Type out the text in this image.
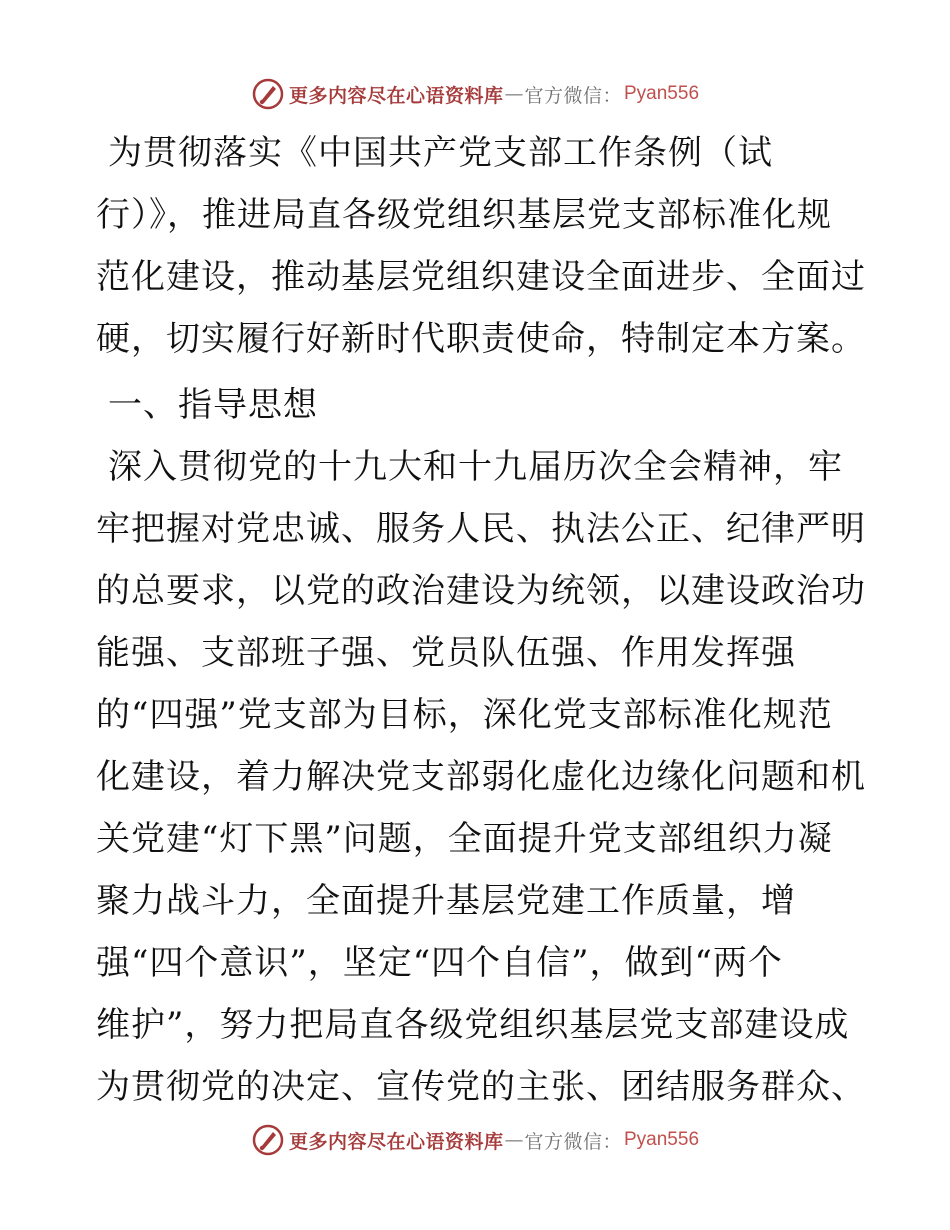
更多内容尽在心语资料库 — 官方微信： Pyan556
为贯彻落实《中国共产党支部工作条例（试
行）》，推进局直各级党组织基层党支部标准化规
范化建设，推动基层党组织建设全面进步、全面过
硬，切实履行好新时代职责使命，特制定本方案。
一、指导思想
深入贯彻党的十九大和十九届历次全会精神，牢
牢把握对党忠诚、服务人民、执法公正、纪律严明
的总要求，以党的政治建设为统领，以建设政治功
能强、支部班子强、党员队伍强、作用发挥强
的“四强”党支部为目标，深化党支部标准化规范
化建设，着力解决党支部弱化虚化边缘化问题和机
关党建“灯下黑”问题，全面提升党支部组织力凝
聚力战斗力，全面提升基层党建工作质量，增
强“四个意识”，坚定“四个自信”，做到“两个
维护”，努力把局直各级党组织基层党支部建设成
为贯彻党的决定、宣传党的主张、团结服务群众、
更多内容尽在心语资料库 — 官方微信： Pyan556
